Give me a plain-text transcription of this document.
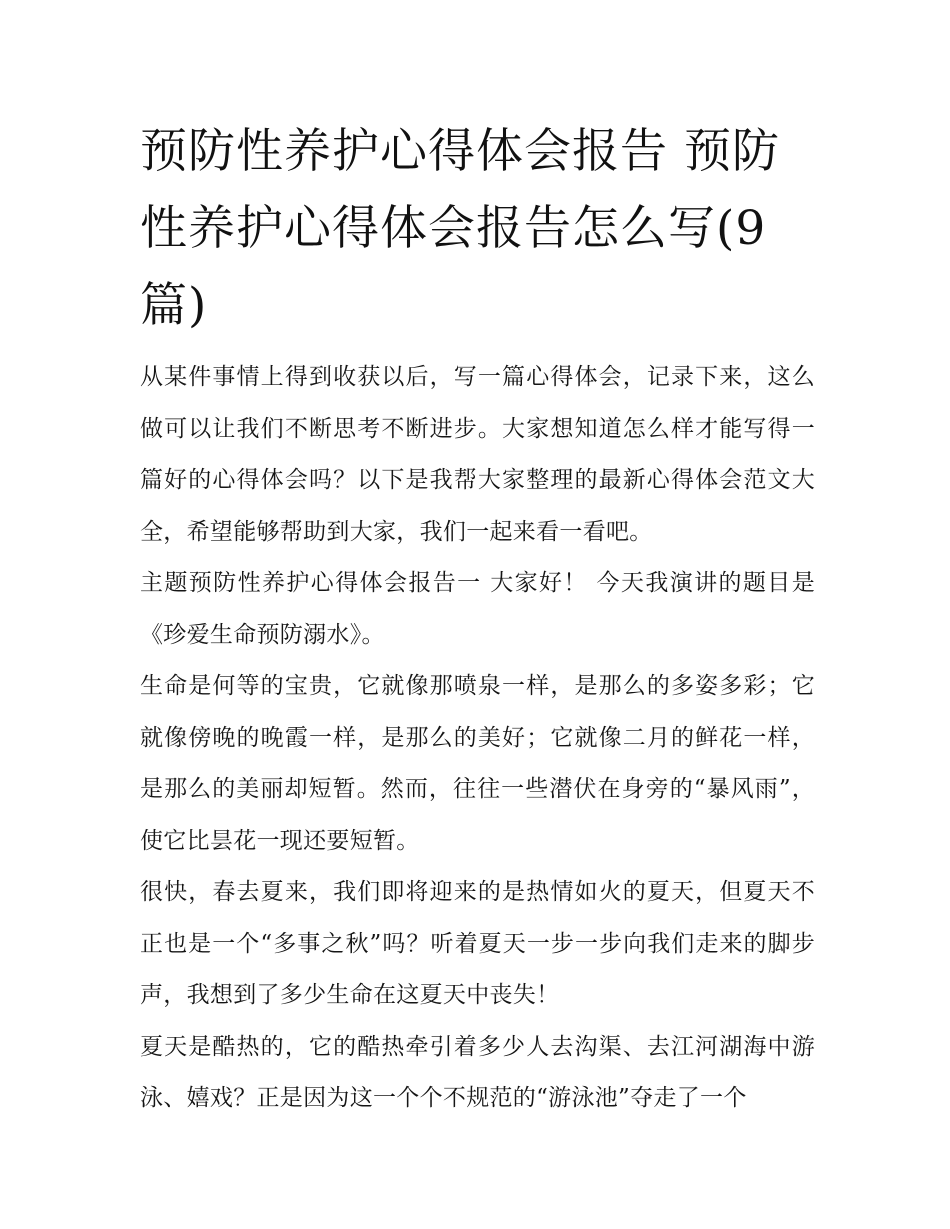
预防性养护心得体会报告 预防性养护心得体会报告怎么写(9篇)

从某件事情上得到收获以后，写一篇心得体会，记录下来，这么做可以让我们不断思考不断进步。大家想知道怎么样才能写得一篇好的心得体会吗？以下是我帮大家整理的最新心得体会范文大全，希望能够帮助到大家，我们一起来看一看吧。

主题预防性养护心得体会报告一 大家好！ 今天我演讲的题目是《珍爱生命预防溺水》。

生命是何等的宝贵，它就像那喷泉一样，是那么的多姿多彩；它就像傍晚的晚霞一样，是那么的美好；它就像二月的鲜花一样，是那么的美丽却短暂。然而，往往一些潜伏在身旁的“暴风雨”，使它比昙花一现还要短暂。

很快，春去夏来，我们即将迎来的是热情如火的夏天，但夏天不正也是一个“多事之秋”吗？听着夏天一步一步向我们走来的脚步声，我想到了多少生命在这夏天中丧失！

夏天是酷热的，它的酷热牵引着多少人去沟渠、去江河湖海中游泳、嬉戏？正是因为这一个个不规范的“游泳池”夺走了一个
